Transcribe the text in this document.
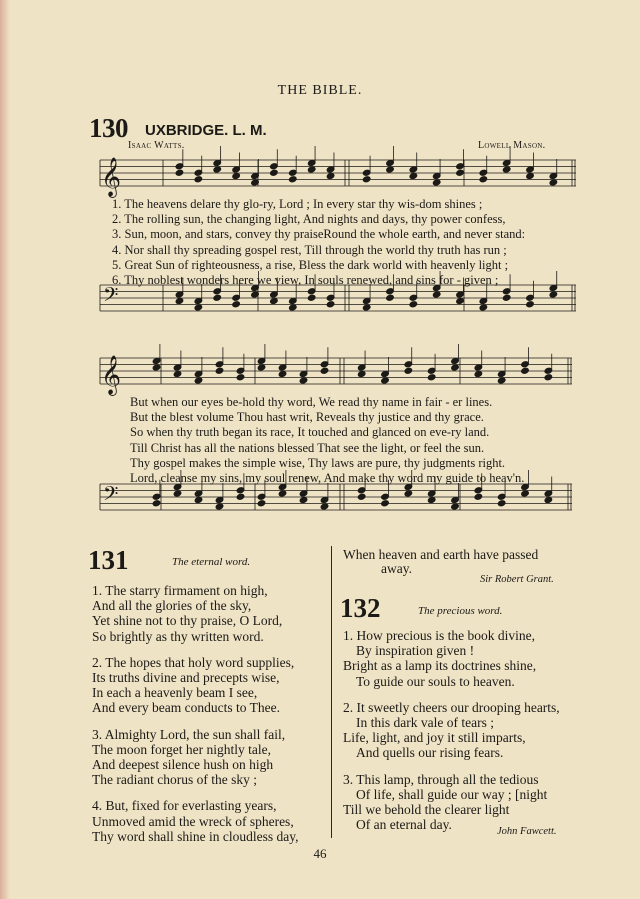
THE BIBLE.
130 UXBRIDGE. L. M.
Isaac Watts.	Lowell Mason.
𝄞
𝄢
𝄞
𝄢
1. The heavens delare thy glo-ry, Lord ; In every star thy wis-dom shines ;
2. The rolling sun, the changing light, And nights and days, thy power confess,
3. Sun, moon, and stars, convey thy praiseRound the whole earth, and never stand:
4. Nor shall thy spreading gospel rest, Till through the world thy truth has run ;
5. Great Sun of righteousness, a rise, Bless the dark world with heavenly light ;
6. Thy noblest wonders here we view, In souls renewed, and sins for - given ;
But when our eyes be-hold thy word, We read thy name in fair - er lines.
But the blest volume Thou hast writ, Reveals thy justice and thy grace.
So when thy truth began its race, It touched and glanced on eve-ry land.
Till Christ has all the nations blessed That see the light, or feel the sun.
Thy gospel makes the simple wise, Thy laws are pure, thy judgments right.
Lord, cleanse my sins, my soul renew, And make thy word my guide to heav'n.
131	The eternal word.
1. The starry firmament on high,
And all the glories of the sky,
Yet shine not to thy praise, O Lord,
So brightly as thy written word.
2. The hopes that holy word supplies,
Its truths divine and precepts wise,
In each a heavenly beam I see,
And every beam conducts to Thee.
3. Almighty Lord, the sun shall fail,
The moon forget her nightly tale,
And deepest silence hush on high
The radiant chorus of the sky ;
4. But, fixed for everlasting years,
Unmoved amid the wreck of spheres,
Thy word shall shine in cloudless day,
When heaven and earth have passed
away.
Sir Robert Grant.
132	The precious word.
1. How precious is the book divine,
By inspiration given !
Bright as a lamp its doctrines shine,
To guide our souls to heaven.
2. It sweetly cheers our drooping hearts,
In this dark vale of tears ;
Life, light, and joy it still imparts,
And quells our rising fears.
3. This lamp, through all the tedious
Of life, shall guide our way ; [night
Till we behold the clearer light
Of an eternal day.	John Fawcett.
46
